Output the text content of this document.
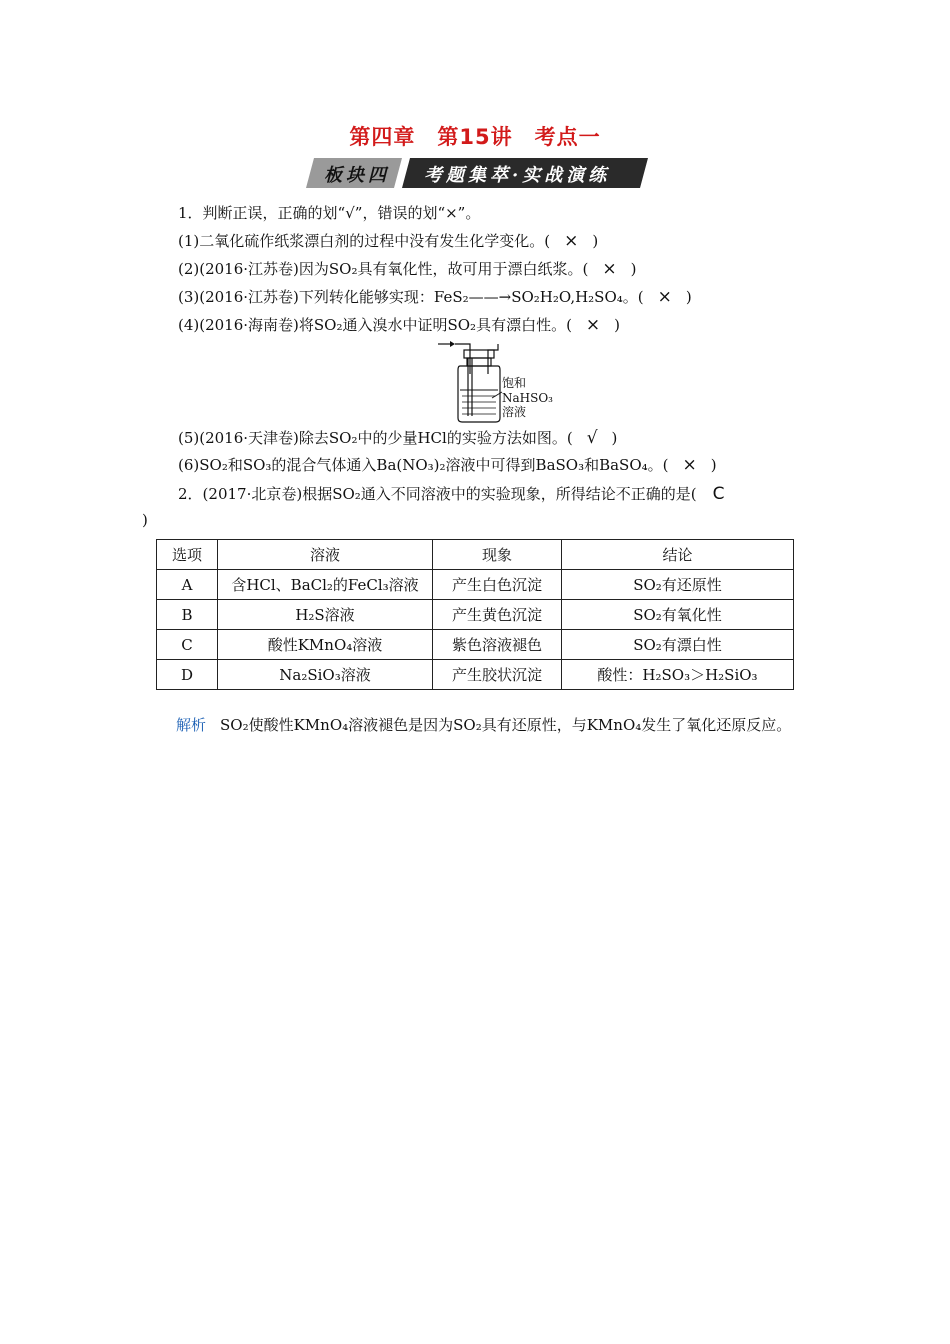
第四章　第15讲　考点一
板块四 考题集萃·实战演练
1．判断正误，正确的划“√”，错误的划“×”。
(1)二氧化硫作纸浆漂白剂的过程中没有发生化学变化。( × )
(2)(2016·江苏卷)因为SO₂具有氧化性，故可用于漂白纸浆。( × )
(3)(2016·江苏卷)下列转化能够实现：FeS₂——→SO₂H₂O,H₂SO₄。( × )
(4)(2016·海南卷)将SO₂通入溴水中证明SO₂具有漂白性。( × )
饱和
NaHSO₃
溶液
(5)(2016·天津卷)除去SO₂中的少量HCl的实验方法如图。( √ )
(6)SO₂和SO₃的混合气体通入Ba(NO₃)₂溶液中可得到BaSO₃和BaSO₄。( × )
2．(2017·北京卷)根据SO₂通入不同溶液中的实验现象，所得结论不正确的是( C
)
选项	溶液	现象	结论
A	含HCl、BaCl₂的FeCl₃溶液	产生白色沉淀	SO₂有还原性
B	H₂S溶液	产生黄色沉淀	SO₂有氧化性
C	酸性KMnO₄溶液	紫色溶液褪色	SO₂有漂白性
D	Na₂SiO₃溶液	产生胶状沉淀	酸性：H₂SO₃＞H₂SiO₃
解析 SO₂使酸性KMnO₄溶液褪色是因为SO₂具有还原性，与KMnO₄发生了氧化还原反应。
